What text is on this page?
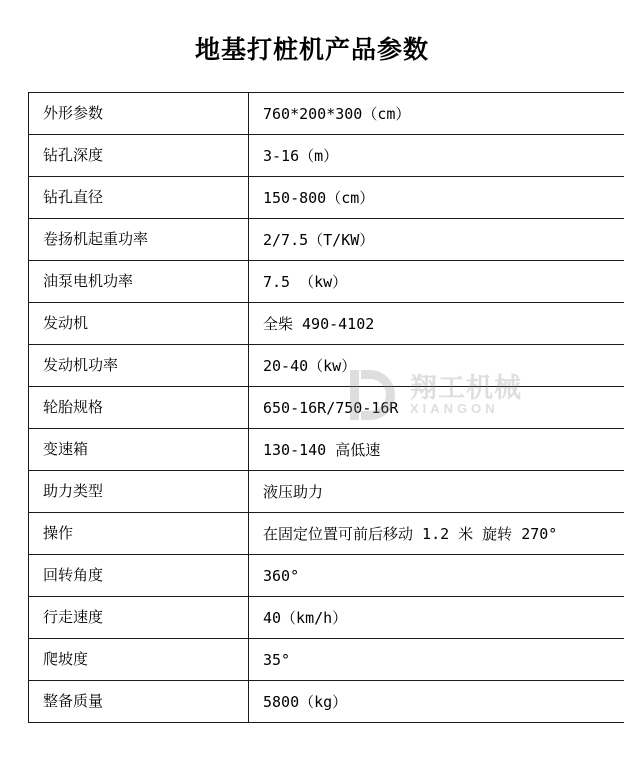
地基打桩机产品参数
外形参数	760*200*300（cm）
钻孔深度	3-16（m）
钻孔直径	150-800（cm）
卷扬机起重功率	2/7.5（T/KW）
油泵电机功率	7.5 （kw）
发动机	全柴 490-4102
发动机功率	20-40（kw）
轮胎规格	650-16R/750-16R
变速箱	130-140 高低速
助力类型	液压助力
操作	在固定位置可前后移动 1.2 米 旋转 270°
回转角度	360°
行走速度	40（km/h）
爬坡度	35°
整备质量	5800（kg）
翔工机械
XIANGON
